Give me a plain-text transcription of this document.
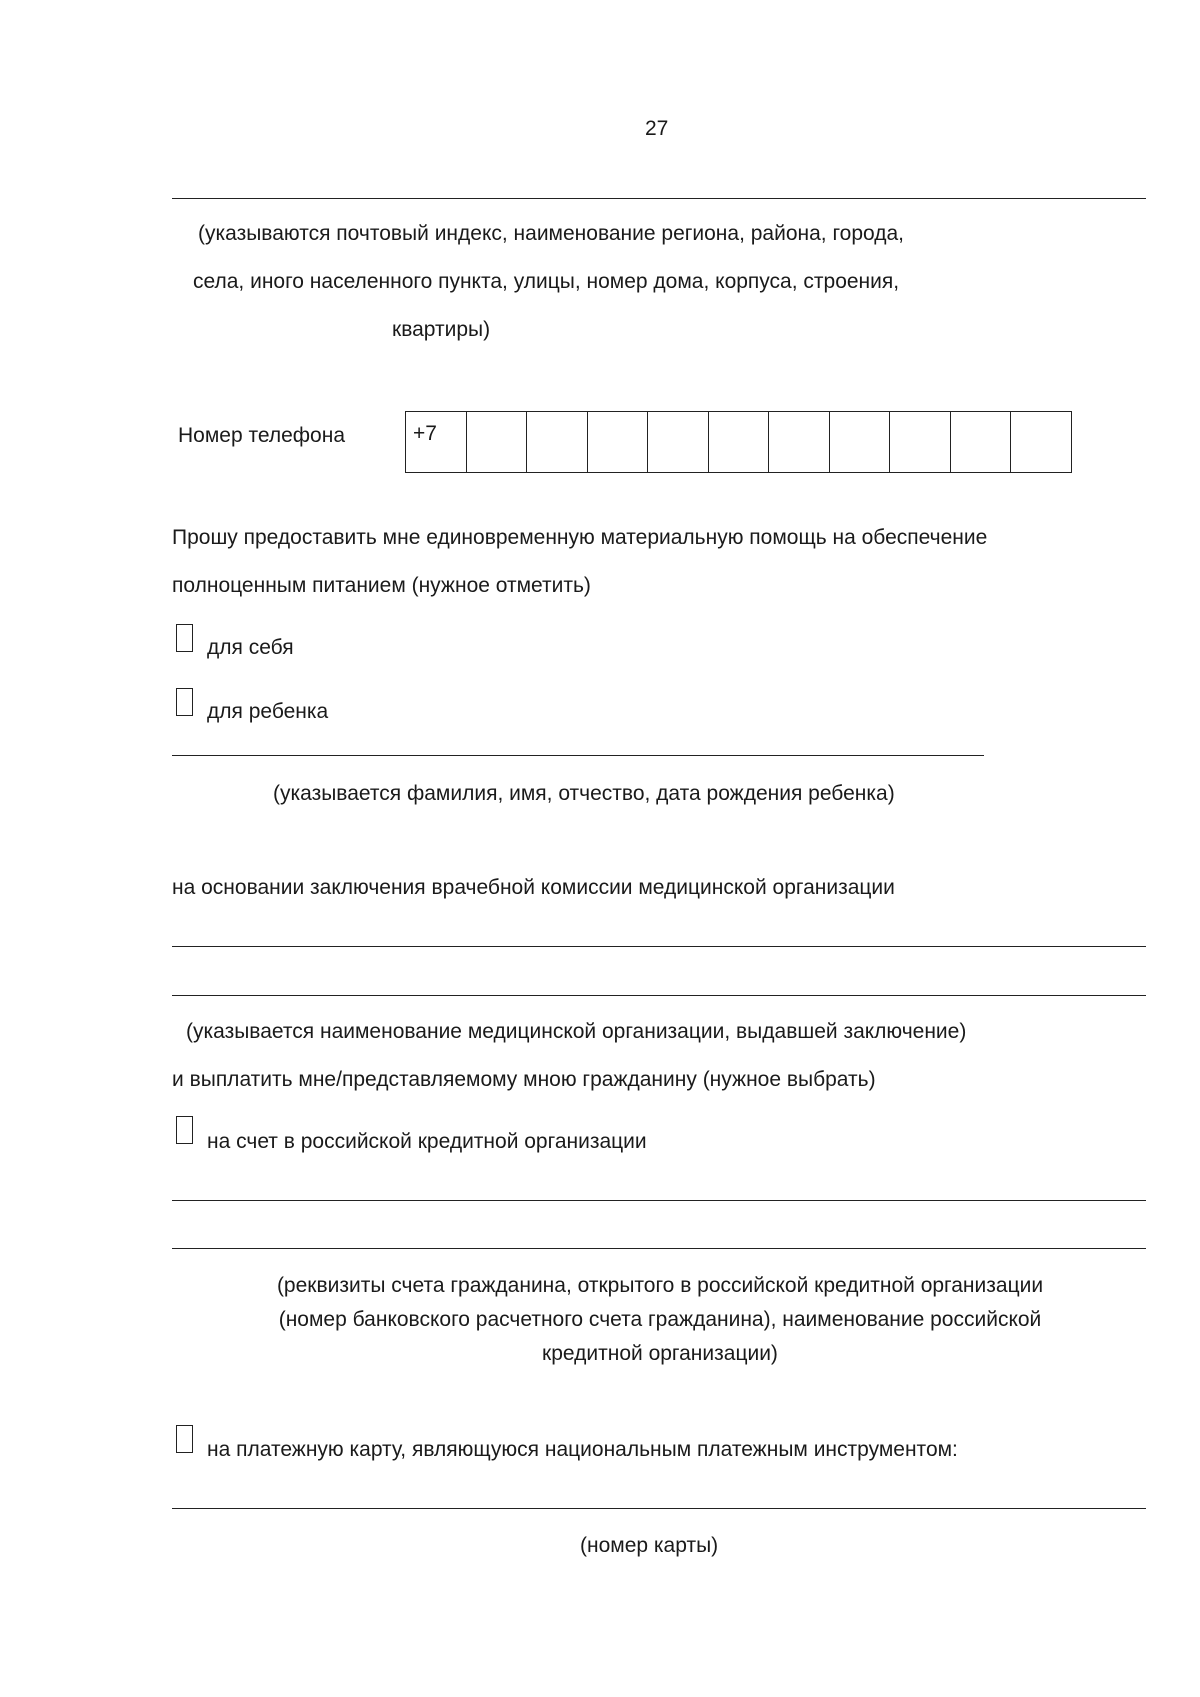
27
(указываются почтовый индекс, наименование региона, района, города,
села, иного населенного пункта, улицы, номер дома, корпуса, строения,
квартиры)
Номер телефона	+7
Прошу предоставить мне единовременную материальную помощь на обеспечение
полноценным питанием (нужное отметить)
для себя
для ребенка
(указывается фамилия, имя, отчество, дата рождения ребенка)
на основании заключения врачебной комиссии медицинской организации
(указывается наименование медицинской организации, выдавшей заключение)
и выплатить мне/представляемому мною гражданину (нужное выбрать)
на счет в российской кредитной организации
(реквизиты счета гражданина, открытого в российской кредитной организации
(номер банковского расчетного счета гражданина), наименование российской
кредитной организации)
на платежную карту, являющуюся национальным платежным инструментом:
(номер карты)
